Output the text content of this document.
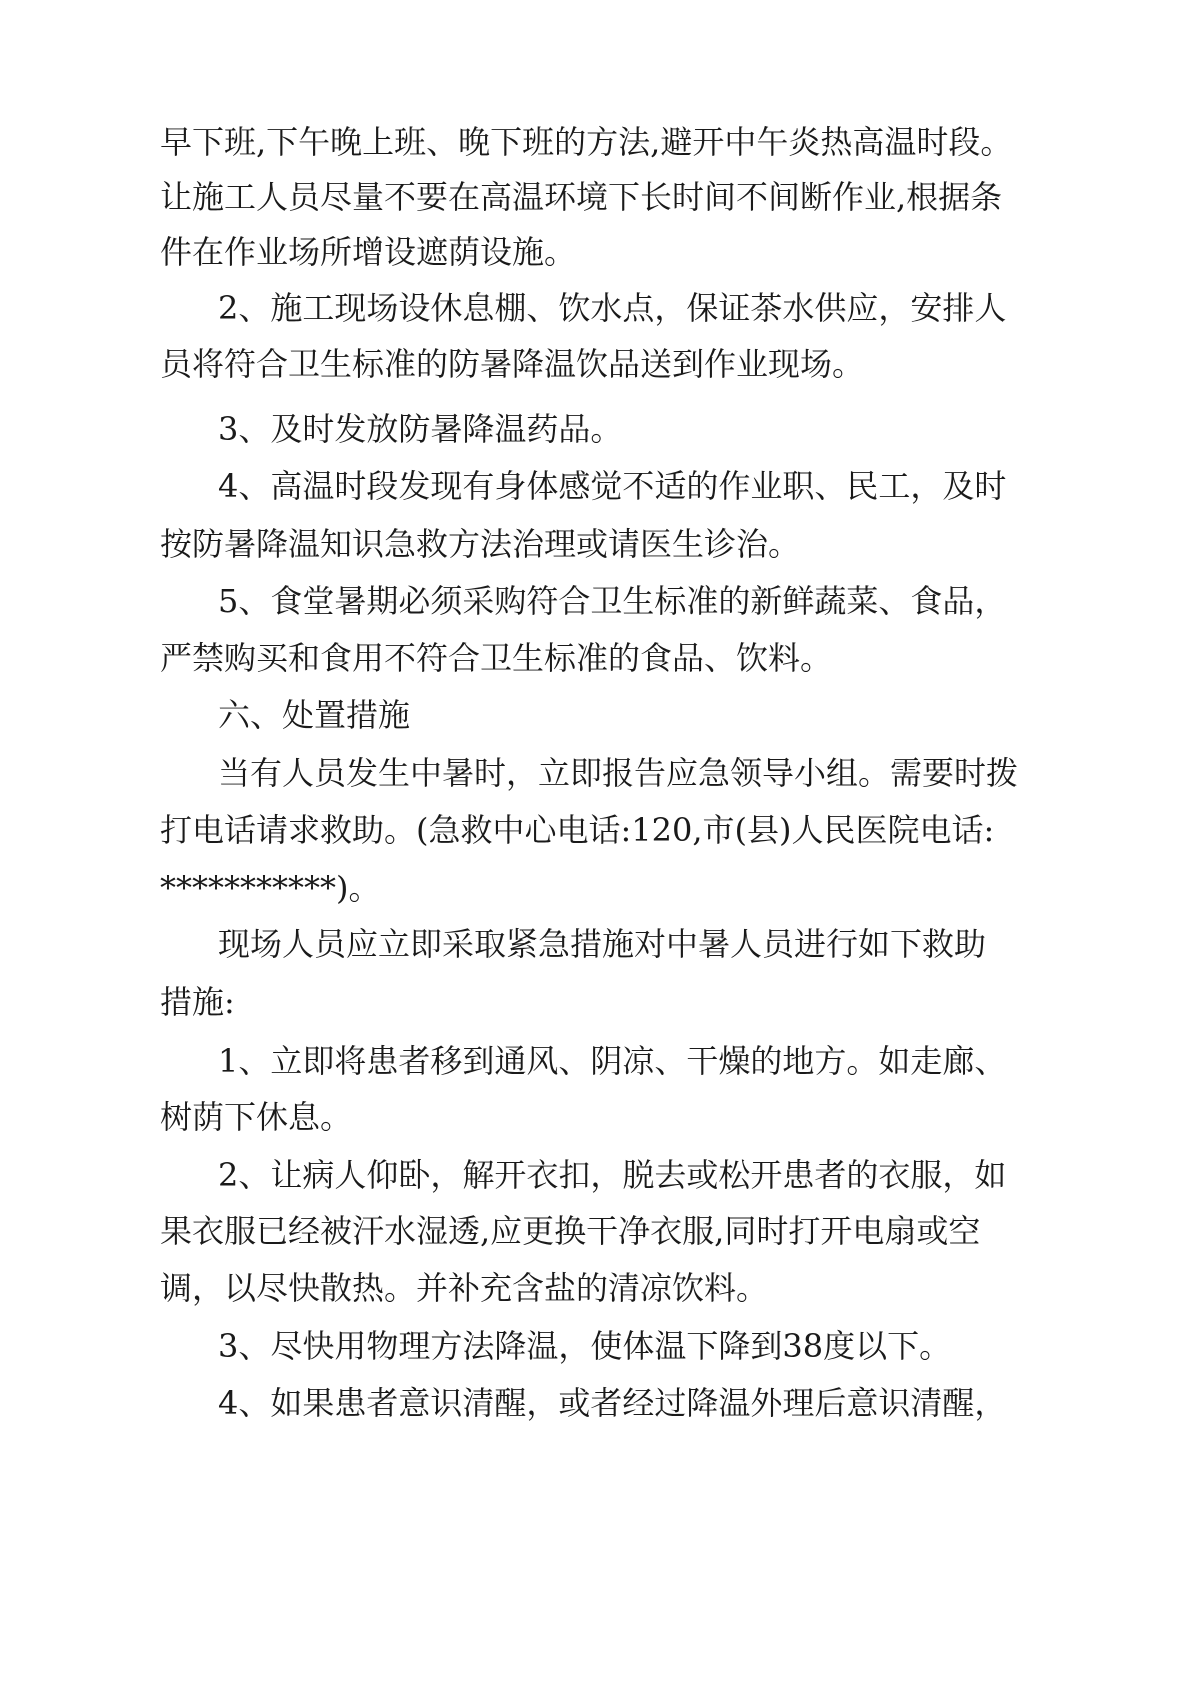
早下班,下午晚上班、晚下班的方法,避开中午炎热高温时段。
让施工人员尽量不要在高温环境下长时间不间断作业,根据条
件在作业场所增设遮荫设施。
2、施工现场设休息棚、饮水点，保证茶水供应，安排人
员将符合卫生标准的防暑降温饮品送到作业现场。
3、及时发放防暑降温药品。
4、高温时段发现有身体感觉不适的作业职、民工，及时
按防暑降温知识急救方法治理或请医生诊治。
5、食堂暑期必须采购符合卫生标准的新鲜蔬菜、食品，
严禁购买和食用不符合卫生标准的食品、饮料。
六、处置措施
当有人员发生中暑时，立即报告应急领导小组。需要时拨
打电话请求救助。(急救中心电话:120,市(县)人民医院电话:
***********)。
现场人员应立即采取紧急措施对中暑人员进行如下救助
措施:
1、立即将患者移到通风、阴凉、干燥的地方。如走廊、
树荫下休息。
2、让病人仰卧，解开衣扣，脱去或松开患者的衣服，如
果衣服已经被汗水湿透,应更换干净衣服,同时打开电扇或空
调，以尽快散热。并补充含盐的清凉饮料。
3、尽快用物理方法降温，使体温下降到38度以下。
4、如果患者意识清醒，或者经过降温外理后意识清醒，
